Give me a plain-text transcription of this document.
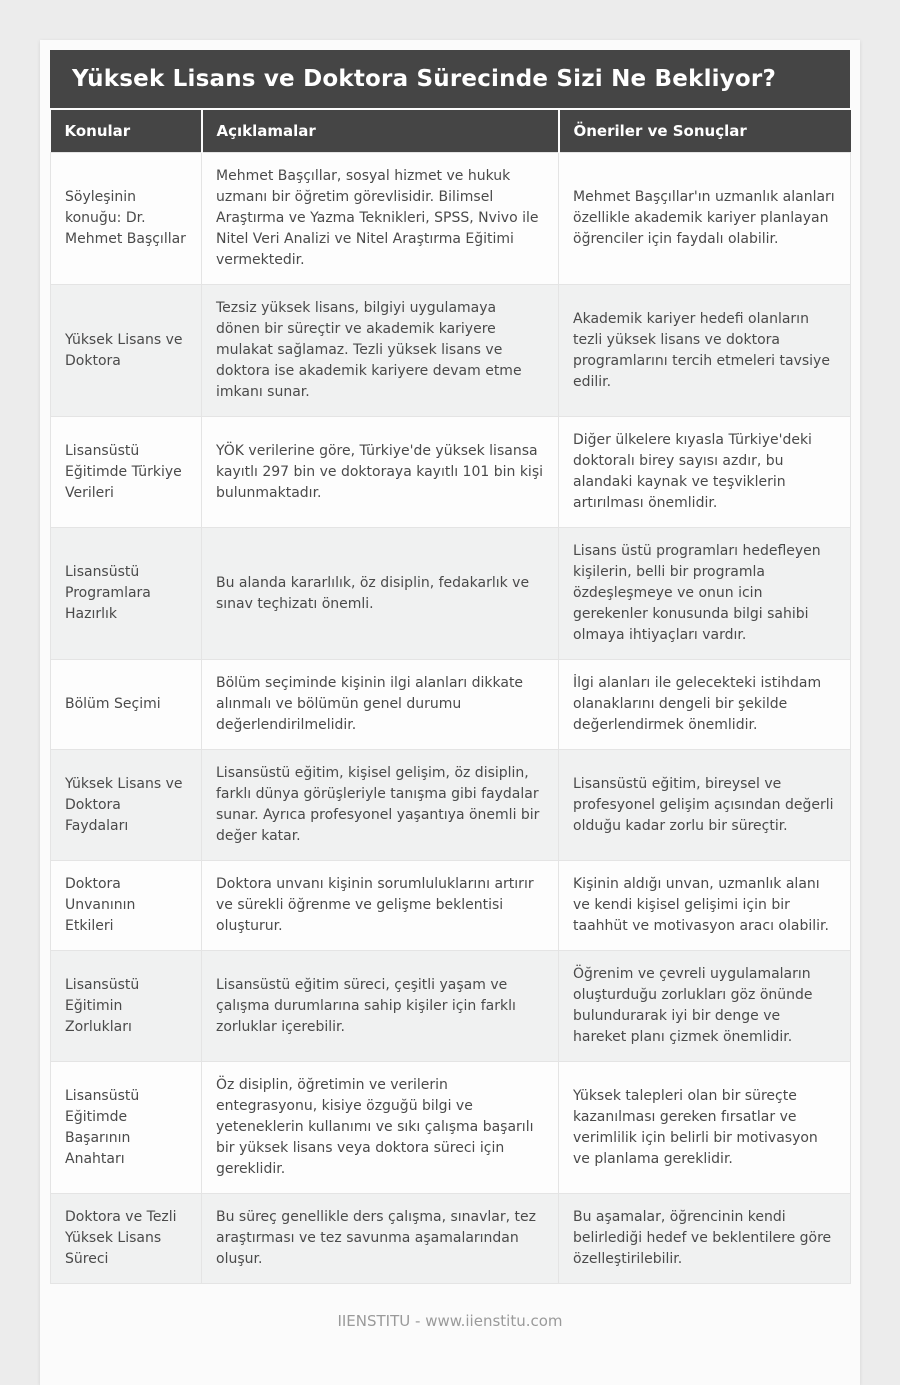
Yüksek Lisans ve Doktora Sürecinde Sizi Ne Bekliyor?
Konular	Açıklamalar	Öneriler ve Sonuçlar
Söyleşinin konuğu: Dr. Mehmet Başçıllar	Mehmet Başçıllar, sosyal hizmet ve hukuk uzmanı bir öğretim görevlisidir. Bilimsel Araştırma ve Yazma Teknikleri, SPSS, Nvivo ile Nitel Veri Analizi ve Nitel Araştırma Eğitimi vermektedir.	Mehmet Başçıllar'ın uzmanlık alanları özellikle akademik kariyer planlayan öğrenciler için faydalı olabilir.
Yüksek Lisans ve Doktora	Tezsiz yüksek lisans, bilgiyi uygulamaya dönen bir süreçtir ve akademik kariyere mulakat sağlamaz. Tezli yüksek lisans ve doktora ise akademik kariyere devam etme imkanı sunar.	Akademik kariyer hedefi olanların tezli yüksek lisans ve doktora programlarını tercih etmeleri tavsiye edilir.
Lisansüstü Eğitimde Türkiye Verileri	YÖK verilerine göre, Türkiye'de yüksek lisansa kayıtlı 297 bin ve doktoraya kayıtlı 101 bin kişi bulunmaktadır.	Diğer ülkelere kıyasla Türkiye'deki doktoralı birey sayısı azdır, bu alandaki kaynak ve teşviklerin artırılması önemlidir.
Lisansüstü Programlara Hazırlık	Bu alanda kararlılık, öz disiplin, fedakarlık ve sınav teçhizatı önemli.	Lisans üstü programları hedefleyen kişilerin, belli bir programla özdeşleşmeye ve onun icin gerekenler konusunda bilgi sahibi olmaya ihtiyaçları vardır.
Bölüm Seçimi	Bölüm seçiminde kişinin ilgi alanları dikkate alınmalı ve bölümün genel durumu değerlendirilmelidir.	İlgi alanları ile gelecekteki istihdam olanaklarını dengeli bir şekilde değerlendirmek önemlidir.
Yüksek Lisans ve Doktora Faydaları	Lisansüstü eğitim, kişisel gelişim, öz disiplin, farklı dünya görüşleriyle tanışma gibi faydalar sunar. Ayrıca profesyonel yaşantıya önemli bir değer katar.	Lisansüstü eğitim, bireysel ve profesyonel gelişim açısından değerli olduğu kadar zorlu bir süreçtir.
Doktora Unvanının Etkileri	Doktora unvanı kişinin sorumluluklarını artırır ve sürekli öğrenme ve gelişme beklentisi oluşturur.	Kişinin aldığı unvan, uzmanlık alanı ve kendi kişisel gelişimi için bir taahhüt ve motivasyon aracı olabilir.
Lisansüstü Eğitimin Zorlukları	Lisansüstü eğitim süreci, çeşitli yaşam ve çalışma durumlarına sahip kişiler için farklı zorluklar içerebilir.	Öğrenim ve çevreli uygulamaların oluşturduğu zorlukları göz önünde bulundurarak iyi bir denge ve hareket planı çizmek önemlidir.
Lisansüstü Eğitimde Başarının Anahtarı	Öz disiplin, öğretimin ve verilerin entegrasyonu, kisiye özguğü bilgi ve yeteneklerin kullanımı ve sıkı çalışma başarılı bir yüksek lisans veya doktora süreci için gereklidir.	Yüksek talepleri olan bir süreçte kazanılması gereken fırsatlar ve verimlilik için belirli bir motivasyon ve planlama gereklidir.
Doktora ve Tezli Yüksek Lisans Süreci	Bu süreç genellikle ders çalışma, sınavlar, tez araştırması ve tez savunma aşamalarından oluşur.	Bu aşamalar, öğrencinin kendi belirlediği hedef ve beklentilere göre özelleştirilebilir.
IIENSTITU - www.iienstitu.com
